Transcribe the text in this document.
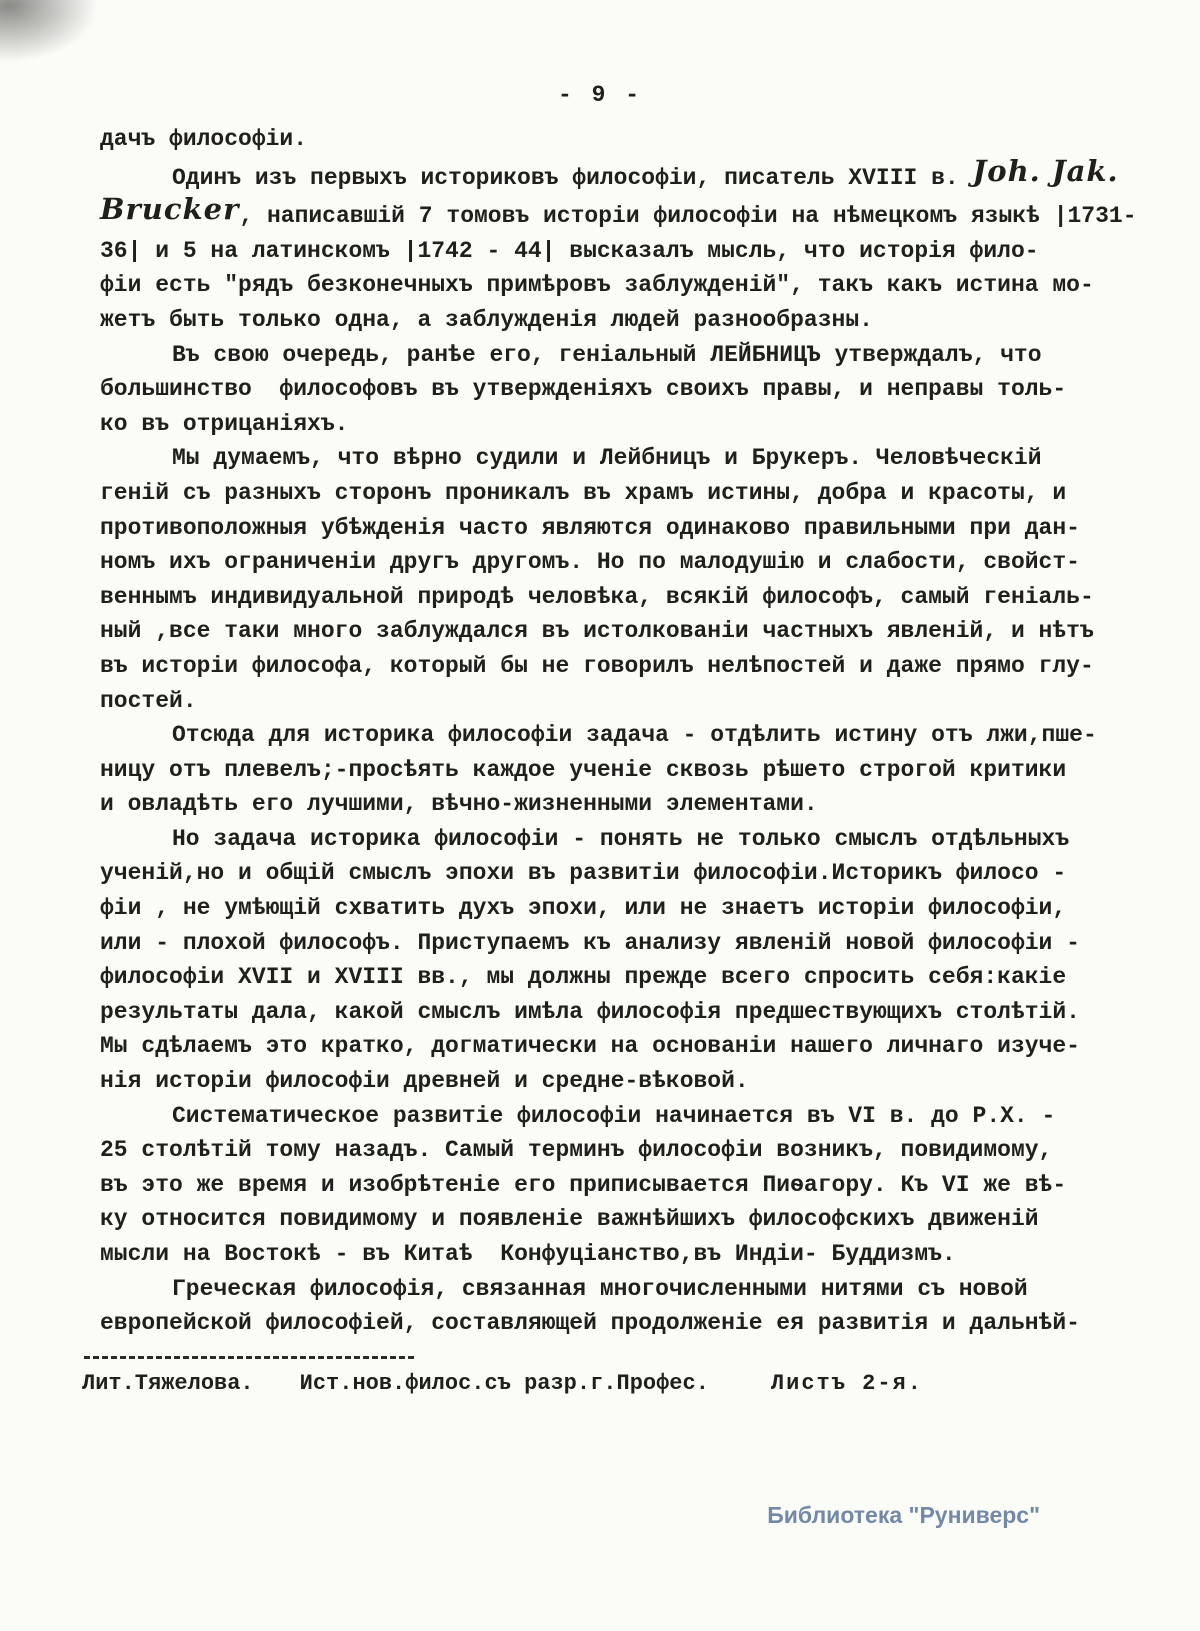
- 9 -
дачъ философіи.
Одинъ изъ первыхъ историковъ философіи, писатель XVIII в. Joh. Jak.
Brucker, написавшій 7 томовъ исторіи философіи на нѣмецкомъ языкѣ |1731-
36| и 5 на латинскомъ |1742 - 44| высказалъ мысль, что исторія фило-
фіи есть "рядъ безконечныхъ примѣровъ заблужденій", такъ какъ истина мо-
жетъ быть только одна, а заблужденія людей разнообразны.
Въ свою очередь, ранѣе его, геніальный ЛЕЙБНИЦЪ утверждалъ, что
большинство  философовъ въ утвержденіяхъ своихъ правы, и неправы толь-
ко въ отрицаніяхъ.
Мы думаемъ, что вѣрно судили и Лейбницъ и Брукеръ. Человѣческій
геній съ разныхъ сторонъ проникалъ въ храмъ истины, добра и красоты, и
противоположныя убѣжденія часто являются одинаково правильными при дан-
номъ ихъ ограниченіи другъ другомъ. Но по малодушію и слабости, свойст-
веннымъ индивидуальной природѣ человѣка, всякій философъ, самый геніаль-
ный ,все таки много заблуждался въ истолкованіи частныхъ явленій, и нѣтъ
въ исторіи философа, который бы не говорилъ нелѣпостей и даже прямо глу-
постей.
Отсюда для историка философіи задача - отдѣлить истину отъ лжи,пше-
ницу отъ плевелъ;-просѣять каждое ученіе сквозь рѣшето строгой критики
и овладѣть его лучшими, вѣчно-жизненными элементами.
Но задача историка философіи - понять не только смыслъ отдѣльныхъ
ученій,но и общій смыслъ эпохи въ развитіи философіи.Историкъ филосо -
фіи , не умѣющій схватить духъ эпохи, или не знаетъ исторіи философіи,
или - плохой философъ. Приступаемъ къ анализу явленій новой философіи -
философіи XVII и XVIII вв., мы должны прежде всего спросить себя:какіе
результаты дала, какой смыслъ имѣла философія предшествующихъ столѣтій.
Мы сдѣлаемъ это кратко, догматически на основаніи нашего личнаго изуче-
нія исторіи философіи древней и средне-вѣковой.
Систематическое развитіе философіи начинается въ VI в. до Р.Х. -
25 столѣтій тому назадъ. Самый терминъ философіи возникъ, повидимому,
въ это же время и изобрѣтеніе его приписывается Пиѳагору. Къ VI же вѣ-
ку относится повидимому и появленіе важнѣйшихъ философскихъ движеній
мысли на Востокѣ - въ Китаѣ  Конфуціанство,въ Индіи- Буддизмъ.
Греческая философія, связанная многочисленными нитями съ новой
европейской философіей, составляющей продолженіе ея развитія и дальнѣй-
Лит.Тяжелова. Ист.нов.филос.съ разр.г.Профес.	Листъ 2-я.
Библиотека "Руниверс"
